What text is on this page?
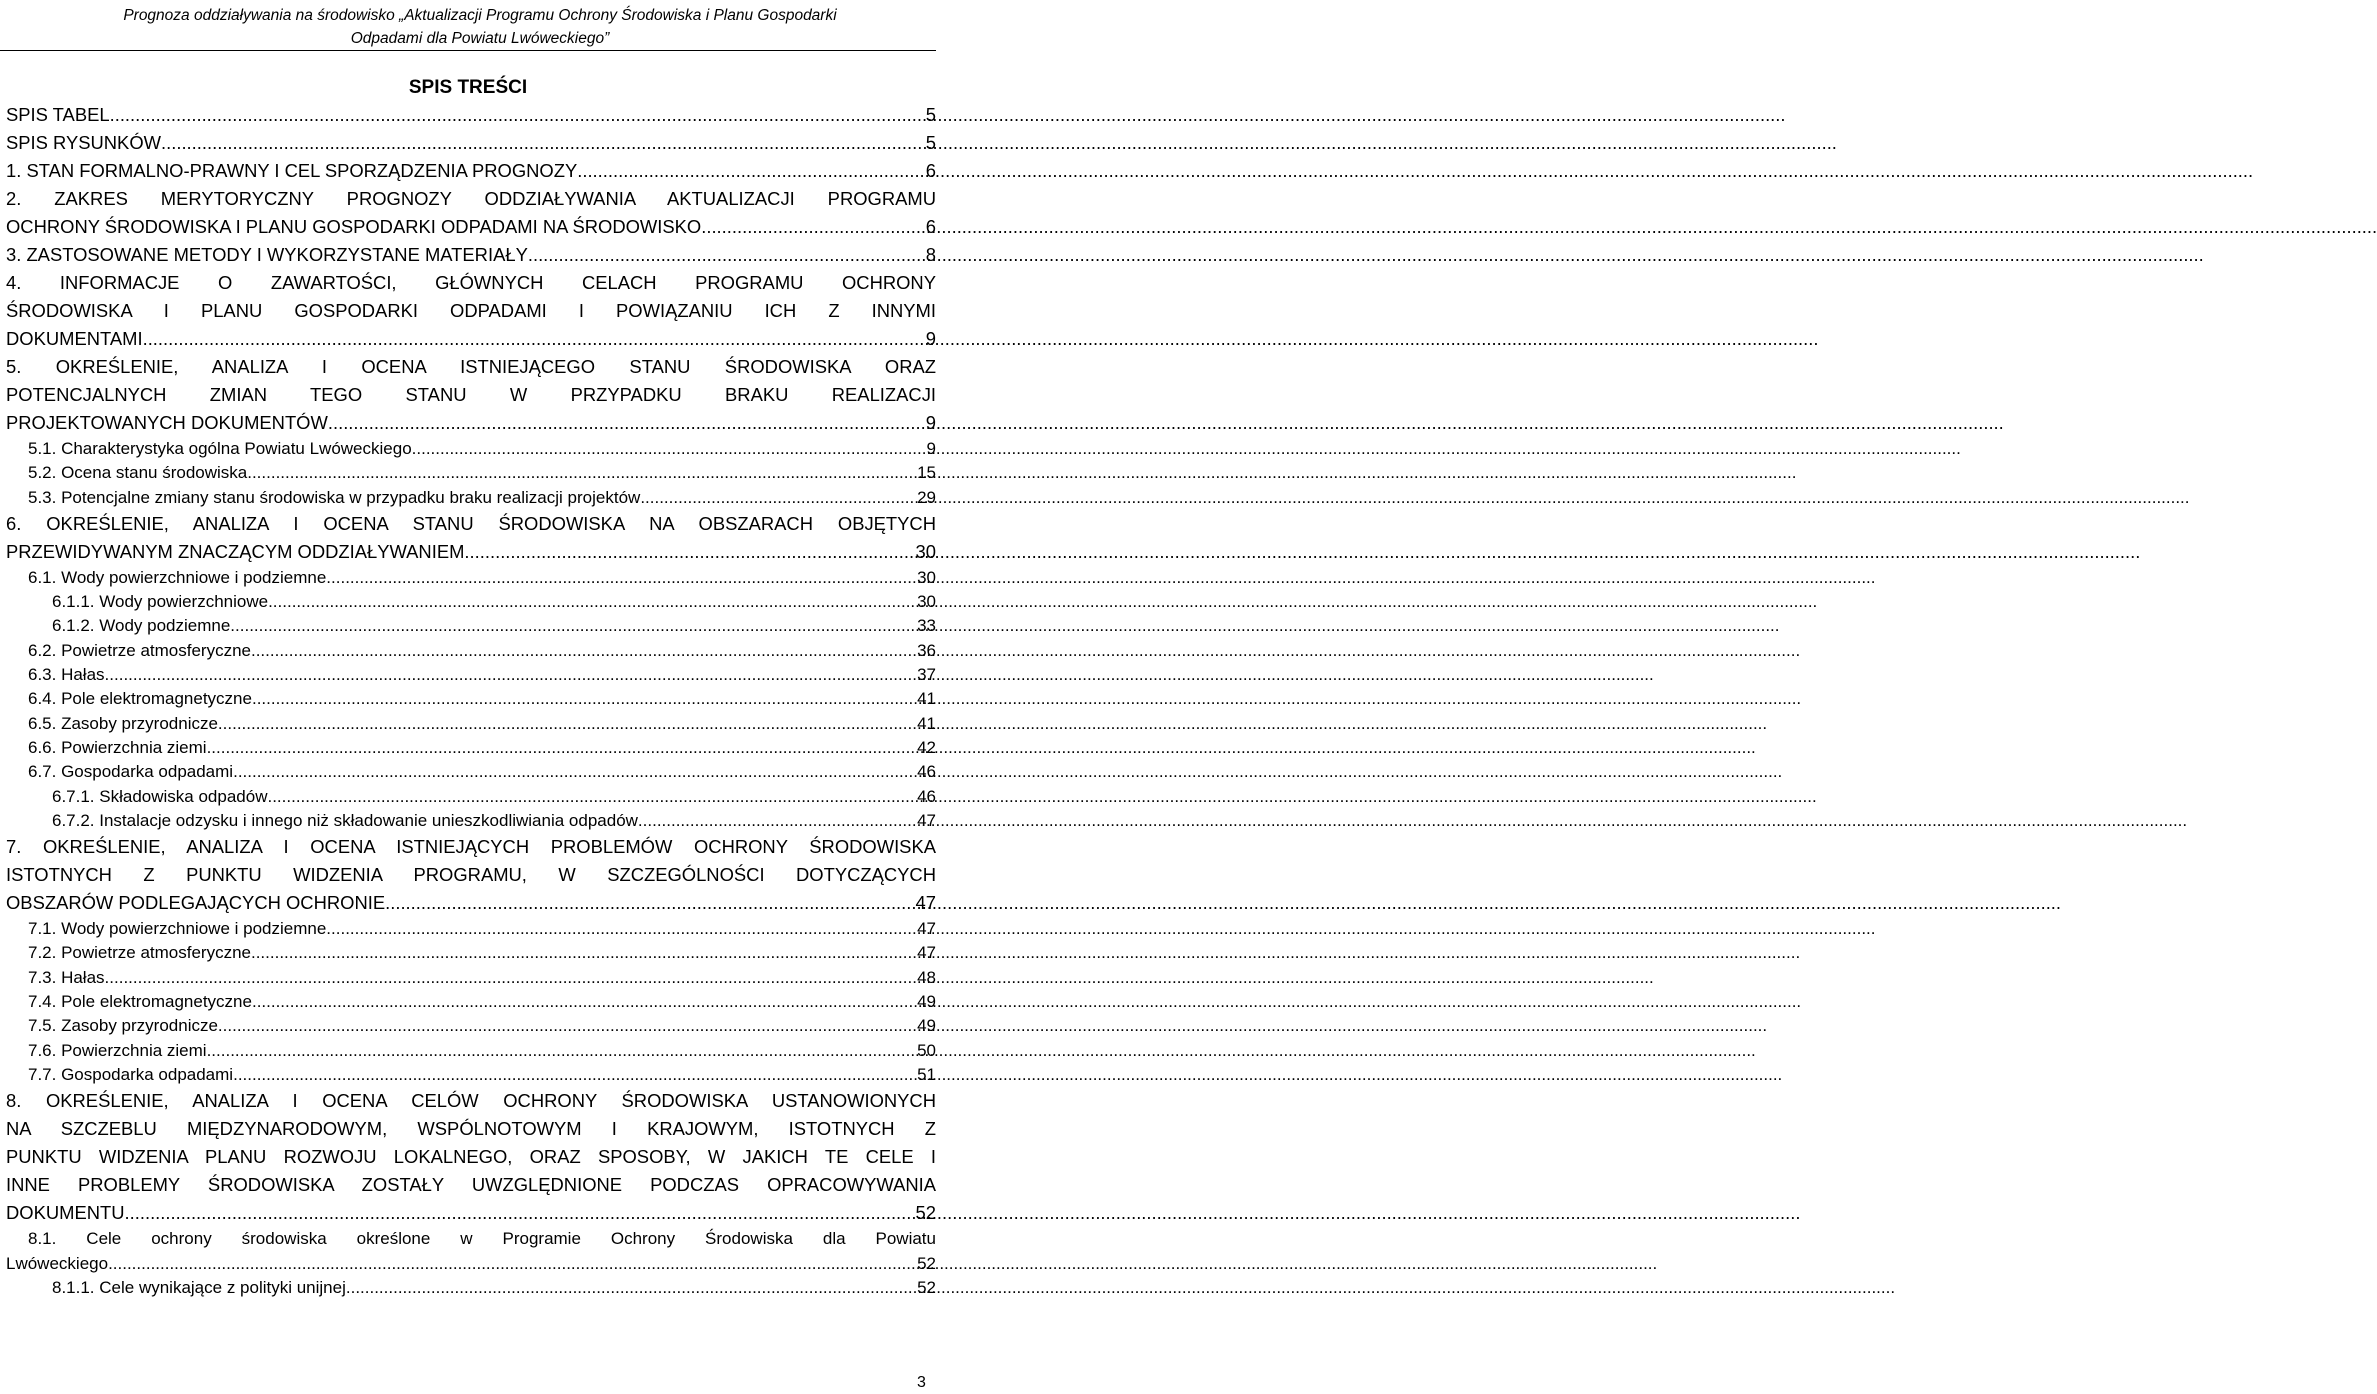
Prognoza oddziaływania na środowisko „Aktualizacji Programu Ochrony Środowiska i Planu Gospodarki
Odpadami dla Powiatu Lwóweckiego”
SPIS TREŚCI
SPIS TABEL .....	5
SPIS RYSUNKÓW .....	5
1. STAN FORMALNO-PRAWNY I CEL SPORZĄDZENIA PROGNOZY .....	6
2. ZAKRES MERYTORYCZNY PROGNOZY ODDZIAŁYWANIA AKTUALIZACJI PROGRAMU
OCHRONY ŚRODOWISKA I PLANU GOSPODARKI ODPADAMI NA ŚRODOWISKO .....	6
3. ZASTOSOWANE METODY I WYKORZYSTANE MATERIAŁY .....	8
4. INFORMACJE O ZAWARTOŚCI, GŁÓWNYCH CELACH PROGRAMU OCHRONY
ŚRODOWISKA I PLANU GOSPODARKI ODPADAMI I POWIĄZANIU ICH Z INNYMI
DOKUMENTAMI .....	9
5. OKREŚLENIE, ANALIZA I OCENA ISTNIEJĄCEGO STANU ŚRODOWISKA ORAZ
POTENCJALNYCH ZMIAN TEGO STANU W PRZYPADKU BRAKU REALIZACJI
PROJEKTOWANYCH DOKUMENTÓW .....	9
5.1. Charakterystyka ogólna Powiatu Lwóweckiego .....	9
5.2. Ocena stanu środowiska .....	15
5.3. Potencjalne zmiany stanu środowiska w przypadku braku realizacji projektów .....	29
6. OKREŚLENIE, ANALIZA I OCENA STANU ŚRODOWISKA NA OBSZARACH OBJĘTYCH
PRZEWIDYWANYM ZNACZĄCYM ODDZIAŁYWANIEM .....	30
6.1. Wody powierzchniowe i podziemne .....	30
6.1.1. Wody powierzchniowe .....	30
6.1.2. Wody podziemne .....	33
6.2. Powietrze atmosferyczne .....	36
6.3. Hałas .....	37
6.4. Pole elektromagnetyczne .....	41
6.5. Zasoby przyrodnicze .....	41
6.6. Powierzchnia ziemi .....	42
6.7. Gospodarka odpadami .....	46
6.7.1. Składowiska odpadów .....	46
6.7.2. Instalacje odzysku i innego niż składowanie unieszkodliwiania odpadów .....	47
7. OKREŚLENIE, ANALIZA I OCENA ISTNIEJĄCYCH PROBLEMÓW OCHRONY ŚRODOWISKA
ISTOTNYCH Z PUNKTU WIDZENIA PROGRAMU, W SZCZEGÓLNOŚCI DOTYCZĄCYCH
OBSZARÓW PODLEGAJĄCYCH OCHRONIE .....	47
7.1. Wody powierzchniowe i podziemne .....	47
7.2. Powietrze atmosferyczne .....	47
7.3. Hałas .....	48
7.4. Pole elektromagnetyczne .....	49
7.5. Zasoby przyrodnicze .....	49
7.6. Powierzchnia ziemi .....	50
7.7. Gospodarka odpadami .....	51
8. OKREŚLENIE, ANALIZA I OCENA CELÓW OCHRONY ŚRODOWISKA USTANOWIONYCH
NA SZCZEBLU MIĘDZYNARODOWYM, WSPÓLNOTOWYM I KRAJOWYM, ISTOTNYCH Z
PUNKTU WIDZENIA PLANU ROZWOJU LOKALNEGO, ORAZ SPOSOBY, W JAKICH TE CELE I
INNE PROBLEMY ŚRODOWISKA ZOSTAŁY UWZGLĘDNIONE PODCZAS OPRACOWYWANIA
DOKUMENTU .....	52
8.1. Cele ochrony środowiska określone w Programie Ochrony Środowiska dla Powiatu
Lwóweckiego .....	52
8.1.1. Cele wynikające z polityki unijnej .....	52
3
